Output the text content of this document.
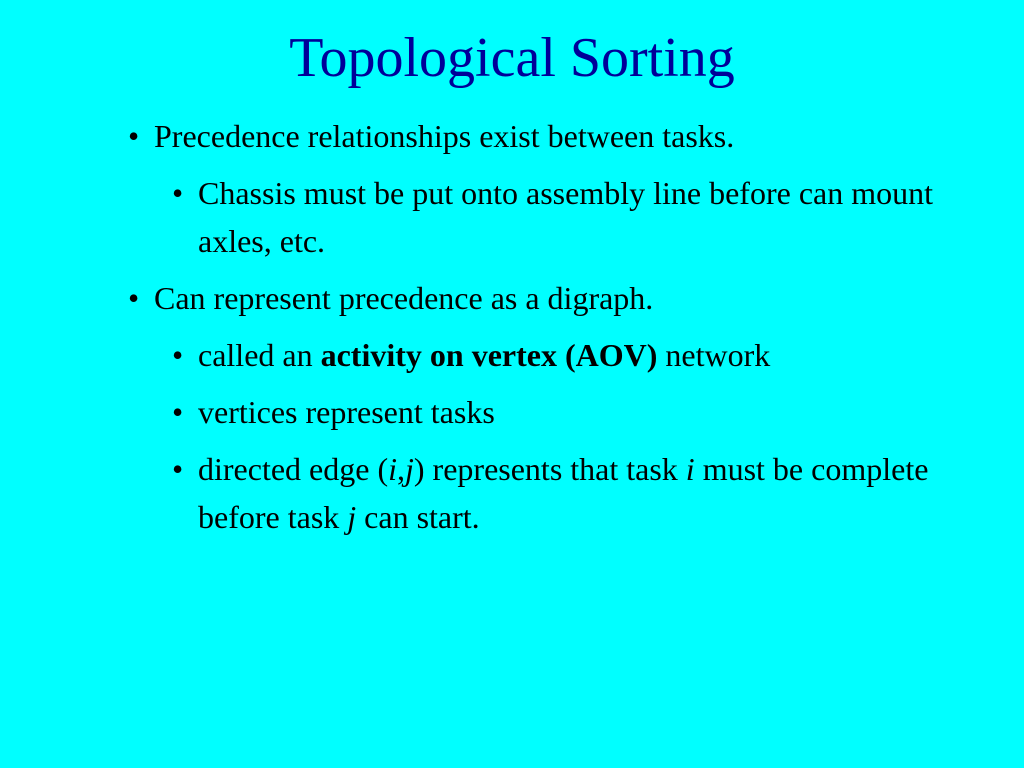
Topological Sorting
• Precedence relationships exist between tasks.
• Chassis must be put onto assembly line before can mount axles, etc.
• Can represent precedence as a digraph.
• called an activity on vertex (AOV) network
• vertices represent tasks
• directed edge (i,j) represents that task i must be complete before task j can start.
